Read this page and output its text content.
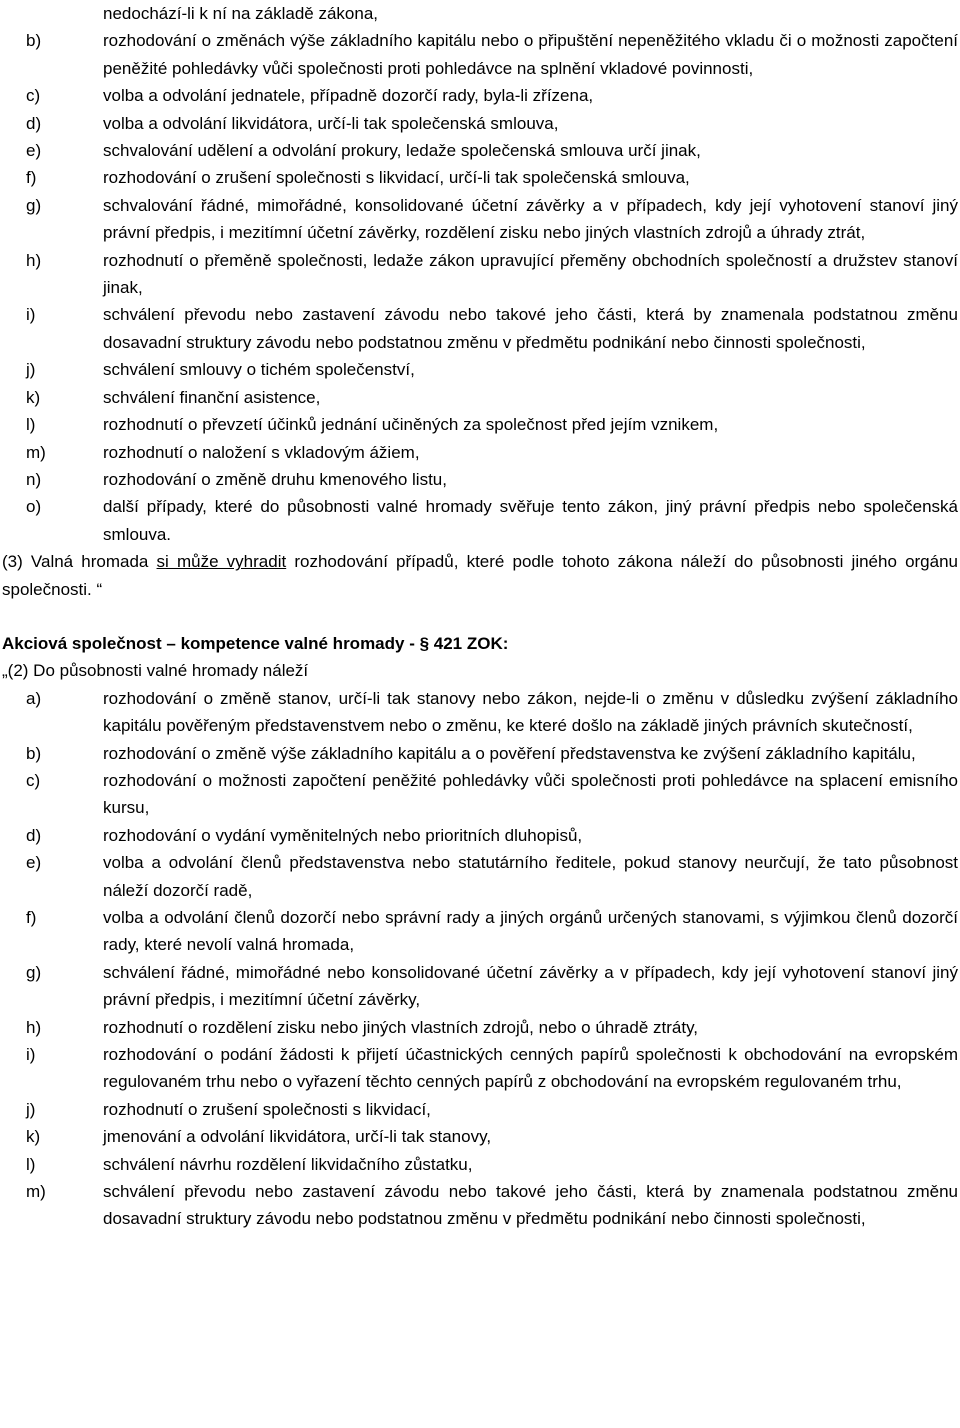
nedochází-li k ní na základě zákona,
b)	rozhodování o změnách výše základního kapitálu nebo o připuštění nepeněžitého vkladu či o možnosti započtení peněžité pohledávky vůči společnosti proti pohledávce na splnění vkladové povinnosti,
c)	volba a odvolání jednatele, případně dozorčí rady, byla-li zřízena,
d)	volba a odvolání likvidátora, určí-li tak společenská smlouva,
e)	schvalování udělení a odvolání prokury, ledaže společenská smlouva určí jinak,
f)	rozhodování o zrušení společnosti s likvidací, určí-li tak společenská smlouva,
g)	schvalování řádné, mimořádné, konsolidované účetní závěrky a v případech, kdy její vyhotovení stanoví jiný právní předpis, i mezitímní účetní závěrky, rozdělení zisku nebo jiných vlastních zdrojů a úhrady ztrát,
h)	rozhodnutí o přeměně společnosti, ledaže zákon upravující přeměny obchodních společností a družstev stanoví jinak,
i)	schválení převodu nebo zastavení závodu nebo takové jeho části, která by znamenala podstatnou změnu dosavadní struktury závodu nebo podstatnou změnu v předmětu podnikání nebo činnosti společnosti,
j)	schválení smlouvy o tichém společenství,
k)	schválení finanční asistence,
l)	rozhodnutí o převzetí účinků jednání učiněných za společnost před jejím vznikem,
m)	rozhodnutí o naložení s vkladovým ážiem,
n)	rozhodování o změně druhu kmenového listu,
o)	další případy, které do působnosti valné hromady svěřuje tento zákon, jiný právní předpis nebo společenská smlouva.
(3) Valná hromada si může vyhradit rozhodování případů, které podle tohoto zákona náleží do působnosti jiného orgánu společnosti. “
Akciová společnost – kompetence valné hromady - § 421 ZOK:
„(2) Do působnosti valné hromady náleží
a)	rozhodování o změně stanov, určí-li tak stanovy nebo zákon, nejde-li o změnu v důsledku zvýšení základního kapitálu pověřeným představenstvem nebo o změnu, ke které došlo na základě jiných právních skutečností,
b)	rozhodování o změně výše základního kapitálu a o pověření představenstva ke zvýšení základního kapitálu,
c)	rozhodování o možnosti započtení peněžité pohledávky vůči společnosti proti pohledávce na splacení emisního kursu,
d)	rozhodování o vydání vyměnitelných nebo prioritních dluhopisů,
e)	volba a odvolání členů představenstva nebo statutárního ředitele, pokud stanovy neurčují, že tato působnost náleží dozorčí radě,
f)	volba a odvolání členů dozorčí nebo správní rady a jiných orgánů určených stanovami, s výjimkou členů dozorčí rady, které nevolí valná hromada,
g)	schválení řádné, mimořádné nebo konsolidované účetní závěrky a v případech, kdy její vyhotovení stanoví jiný právní předpis, i mezitímní účetní závěrky,
h)	rozhodnutí o rozdělení zisku nebo jiných vlastních zdrojů, nebo o úhradě ztráty,
i)	rozhodování o podání žádosti k přijetí účastnických cenných papírů společnosti k obchodování na evropském regulovaném trhu nebo o vyřazení těchto cenných papírů z obchodování na evropském regulovaném trhu,
j)	rozhodnutí o zrušení společnosti s likvidací,
k)	jmenování a odvolání likvidátora, určí-li tak stanovy,
l)	schválení návrhu rozdělení likvidačního zůstatku,
m)	schválení převodu nebo zastavení závodu nebo takové jeho části, která by znamenala podstatnou změnu dosavadní struktury závodu nebo podstatnou změnu v předmětu podnikání nebo činnosti společnosti,
